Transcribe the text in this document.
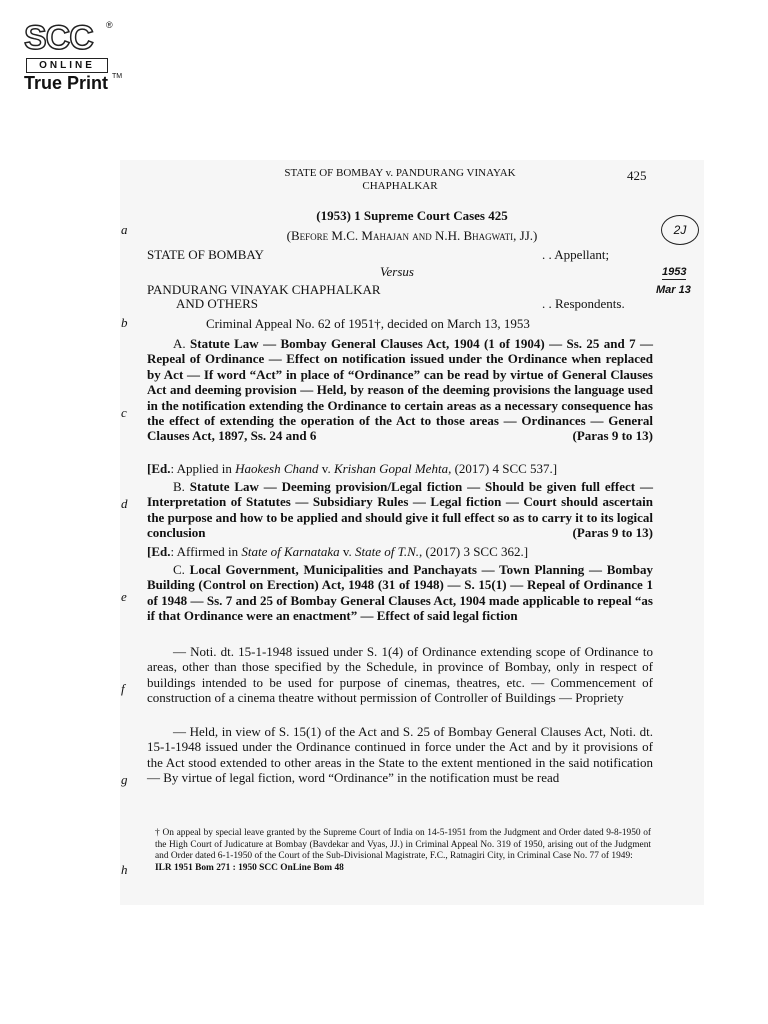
SCC ®
ONLINE
True Print TM
STATE OF BOMBAY v. PANDURANG VINAYAK
CHAPHALKAR
425
(1953) 1 Supreme Court Cases 425
(Before M.C. Mahajan and N.H. Bhagwati, JJ.)
a
b
c
d
e
f
g
h
2J
1953
Mar 13
STATE OF BOMBAY	. . Appellant;
Versus
PANDURANG VINAYAK CHAPHALKAR
AND OTHERS	. . Respondents.
Criminal Appeal No. 62 of 1951†, decided on March 13, 1953

A. Statute Law — Bombay General Clauses Act, 1904 (1 of 1904) — Ss. 25 and 7 — Repeal of Ordinance — Effect on notification issued under the Ordinance when replaced by Act — If word “Act” in place of “Ordinance” can be read by virtue of General Clauses Act and deeming provision — Held, by reason of the deeming provisions the language used in the notification extending the Ordinance to certain areas as a necessary consequence has the effect of extending the operation of the Act to those areas — Ordinances — General Clauses Act, 1897, Ss. 24 and 6	(Paras 9 to 13)

[Ed.: Applied in Haokesh Chand v. Krishan Gopal Mehta, (2017) 4 SCC 537.]

B. Statute Law — Deeming provision/Legal fiction — Should be given full effect — Interpretation of Statutes — Subsidiary Rules — Legal fiction — Court should ascertain the purpose and how to be applied and should give it full effect so as to carry it to its logical conclusion	(Paras 9 to 13)

[Ed.: Affirmed in State of Karnataka v. State of T.N., (2017) 3 SCC 362.]

C. Local Government, Municipalities and Panchayats — Town Planning — Bombay Building (Control on Erection) Act, 1948 (31 of 1948) — S. 15(1) — Repeal of Ordinance 1 of 1948 — Ss. 7 and 25 of Bombay General Clauses Act, 1904 made applicable to repeal “as if that Ordinance were an enactment” — Effect of said legal fiction

— Noti. dt. 15-1-1948 issued under S. 1(4) of Ordinance extending scope of Ordinance to areas, other than those specified by the Schedule, in province of Bombay, only in respect of buildings intended to be used for purpose of cinemas, theatres, etc. — Commencement of construction of a cinema theatre without permission of Controller of Buildings — Propriety

— Held, in view of S. 15(1) of the Act and S. 25 of Bombay General Clauses Act, Noti. dt. 15-1-1948 issued under the Ordinance continued in force under the Act and by it provisions of the Act stood extended to other areas in the State to the extent mentioned in the said notification — By virtue of legal fiction, word “Ordinance” in the notification must be read

† On appeal by special leave granted by the Supreme Court of India on 14-5-1951 from the Judgment and Order dated 9-8-1950 of the High Court of Judicature at Bombay (Bavdekar and Vyas, JJ.) in Criminal Appeal No. 319 of 1950, arising out of the Judgment and Order dated 6-1-1950 of the Court of the Sub-Divisional Magistrate, F.C., Ratnagiri City, in Criminal Case No. 77 of 1949:
ILR 1951 Bom 271 : 1950 SCC OnLine Bom 48
